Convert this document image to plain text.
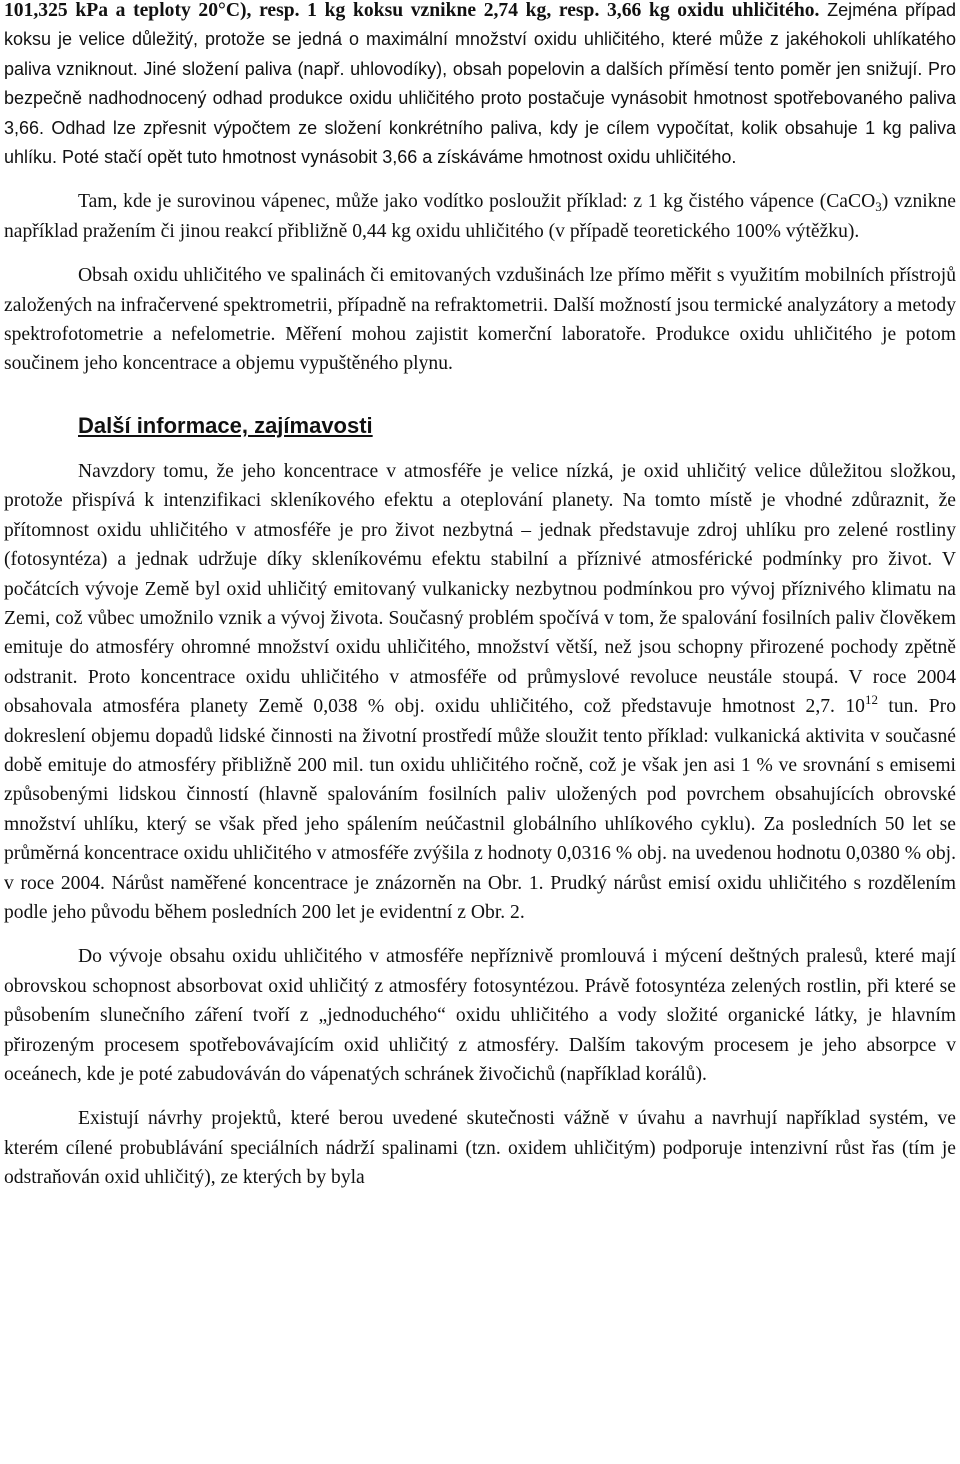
101,325 kPa a teploty 20°C), resp. 1 kg koksu vznikne 2,74 kg, resp. 3,66 kg oxidu uhličitého. Zejména případ koksu je velice důležitý, protože se jedná o maximální množství oxidu uhličitého, které může z jakéhokoli uhlíkatého paliva vzniknout. Jiné složení paliva (např. uhlovodíky), obsah popelovin a dalších příměsí tento poměr jen snižují. Pro bezpečně nadhodnocený odhad produkce oxidu uhličitého proto postačuje vynásobit hmotnost spotřebovaného paliva 3,66. Odhad lze zpřesnit výpočtem ze složení konkrétního paliva, kdy je cílem vypočítat, kolik obsahuje 1 kg paliva uhlíku. Poté stačí opět tuto hmotnost vynásobit 3,66 a získáváme hmotnost oxidu uhličitého.

Tam, kde je surovinou vápenec, může jako vodítko posloužit příklad: z 1 kg čistého vápence (CaCO$_3$) vznikne například pražením či jinou reakcí přibližně 0,44 kg oxidu uhličitého (v případě teoretického 100% výtěžku).

Obsah oxidu uhličitého ve spalinách či emitovaných vzdušinách lze přímo měřit s využitím mobilních přístrojů založených na infračervené spektrometrii, případně na refraktometrii. Další možností jsou termické analyzátory a metody spektrofotometrie a nefelometrie. Měření mohou zajistit komerční laboratoře. Produkce oxidu uhličitého je potom součinem jeho koncentrace a objemu vypuštěného plynu.

Další informace, zajímavosti

Navzdory tomu, že jeho koncentrace v atmosféře je velice nízká, je oxid uhličitý velice důležitou složkou, protože přispívá k intenzifikaci skleníkového efektu a oteplování planety. Na tomto místě je vhodné zdůraznit, že přítomnost oxidu uhličitého v atmosféře je pro život nezbytná – jednak představuje zdroj uhlíku pro zelené rostliny (fotosyntéza) a jednak udržuje díky skleníkovému efektu stabilní a příznivé atmosférické podmínky pro život. V počátcích vývoje Země byl oxid uhličitý emitovaný vulkanicky nezbytnou podmínkou pro vývoj příznivého klimatu na Zemi, což vůbec umožnilo vznik a vývoj života. Současný problém spočívá v tom, že spalování fosilních paliv člověkem emituje do atmosféry ohromné množství oxidu uhličitého, množství větší, než jsou schopny přirozené pochody zpětně odstranit. Proto koncentrace oxidu uhličitého v atmosféře od průmyslové revoluce neustále stoupá. V roce 2004 obsahovala atmosféra planety Země 0,038 % obj. oxidu uhličitého, což představuje hmotnost 2,7. $10^{12}$ tun. Pro dokreslení objemu dopadů lidské činnosti na životní prostředí může sloužit tento příklad: vulkanická aktivita v současné době emituje do atmosféry přibližně 200 mil. tun oxidu uhličitého ročně, což je však jen asi 1 % ve srovnání s emisemi způsobenými lidskou činností (hlavně spalováním fosilních paliv uložených pod povrchem obsahujících obrovské množství uhlíku, který se však před jeho spálením neúčastnil globálního uhlíkového cyklu). Za posledních 50 let se průměrná koncentrace oxidu uhličitého v atmosféře zvýšila z hodnoty 0,0316 % obj. na uvedenou hodnotu 0,0380 % obj. v roce 2004. Nárůst naměřené koncentrace je znázorněn na Obr. 1. Prudký nárůst emisí oxidu uhličitého s rozdělením podle jeho původu během posledních 200 let je evidentní z Obr. 2.

Do vývoje obsahu oxidu uhličitého v atmosféře nepříznivě promlouvá i mýcení deštných pralesů, které mají obrovskou schopnost absorbovat oxid uhličitý z atmosféry fotosyntézou. Právě fotosyntéza zelených rostlin, při které se působením slunečního záření tvoří z „jednoduchého“ oxidu uhličitého a vody složité organické látky, je hlavním přirozeným procesem spotřebovávajícím oxid uhličitý z atmosféry. Dalším takovým procesem je jeho absorpce v oceánech, kde je poté zabudováván do vápenatých schránek živočichů (například korálů).

Existují návrhy projektů, které berou uvedené skutečnosti vážně v úvahu a navrhují například systém, ve kterém cílené probublávání speciálních nádrží spalinami (tzn. oxidem uhličitým) podporuje intenzivní růst řas (tím je odstraňován oxid uhličitý), ze kterých by byla
